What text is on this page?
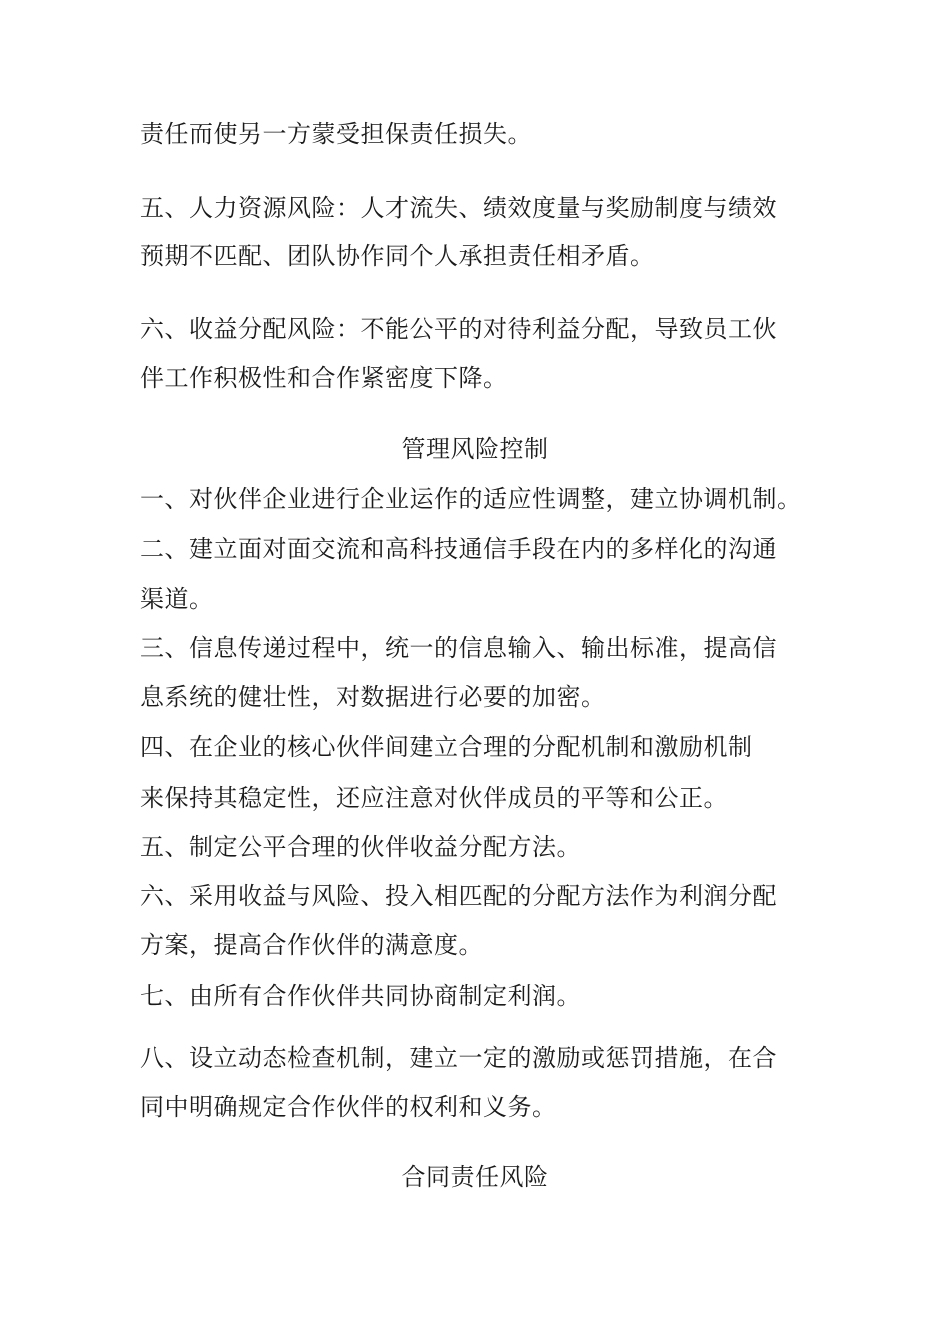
责任而使另一方蒙受担保责任损失。
五、人力资源风险：人才流失、绩效度量与奖励制度与绩效
预期不匹配、团队协作同个人承担责任相矛盾。
六、收益分配风险：不能公平的对待利益分配，导致员工伙
伴工作积极性和合作紧密度下降。
管理风险控制
一、对伙伴企业进行企业运作的适应性调整，建立协调机制。
二、建立面对面交流和高科技通信手段在内的多样化的沟通
渠道。
三、信息传递过程中，统一的信息输入、输出标准，提高信
息系统的健壮性，对数据进行必要的加密。
四、在企业的核心伙伴间建立合理的分配机制和激励机制
来保持其稳定性，还应注意对伙伴成员的平等和公正。
五、制定公平合理的伙伴收益分配方法。
六、采用收益与风险、投入相匹配的分配方法作为利润分配
方案，提高合作伙伴的满意度。
七、由所有合作伙伴共同协商制定利润。
八、设立动态检查机制，建立一定的激励或惩罚措施，在合
同中明确规定合作伙伴的权利和义务。
合同责任风险
